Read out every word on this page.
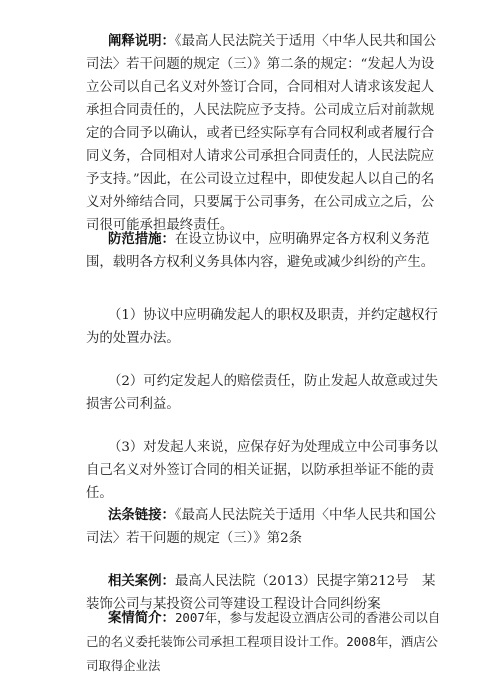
阐释说明：《最高人民法院关于适用〈中华人民共和国公司法〉若干问题的规定（三）》第二条的规定：“发起人为设立公司以自己名义对外签订合同，合同相对人请求该发起人承担合同责任的，人民法院应予支持。公司成立后对前款规定的合同予以确认，或者已经实际享有合同权利或者履行合同义务，合同相对人请求公司承担合同责任的，人民法院应予支持。”因此，在公司设立过程中，即使发起人以自己的名义对外缔结合同，只要属于公司事务，在公司成立之后，公司很可能承担最终责任。

防范措施：在设立协议中，应明确界定各方权利义务范围，载明各方权利义务具体内容，避免或减少纠纷的产生。

（1）协议中应明确发起人的职权及职责，并约定越权行为的处置办法。

（2）可约定发起人的赔偿责任，防止发起人故意或过失损害公司利益。

（3）对发起人来说，应保存好为处理成立中公司事务以自己名义对外签订合同的相关证据，以防承担举证不能的责任。

法条链接：《最高人民法院关于适用〈中华人民共和国公司法〉若干问题的规定（三）》第2条

相关案例：最高人民法院（2013）民提字第212号　某装饰公司与某投资公司等建设工程设计合同纠纷案

案情简介：2007年，参与发起设立酒店公司的香港公司以自己的名义委托装饰公司承担工程项目设计工作。2008年，酒店公司取得企业法
